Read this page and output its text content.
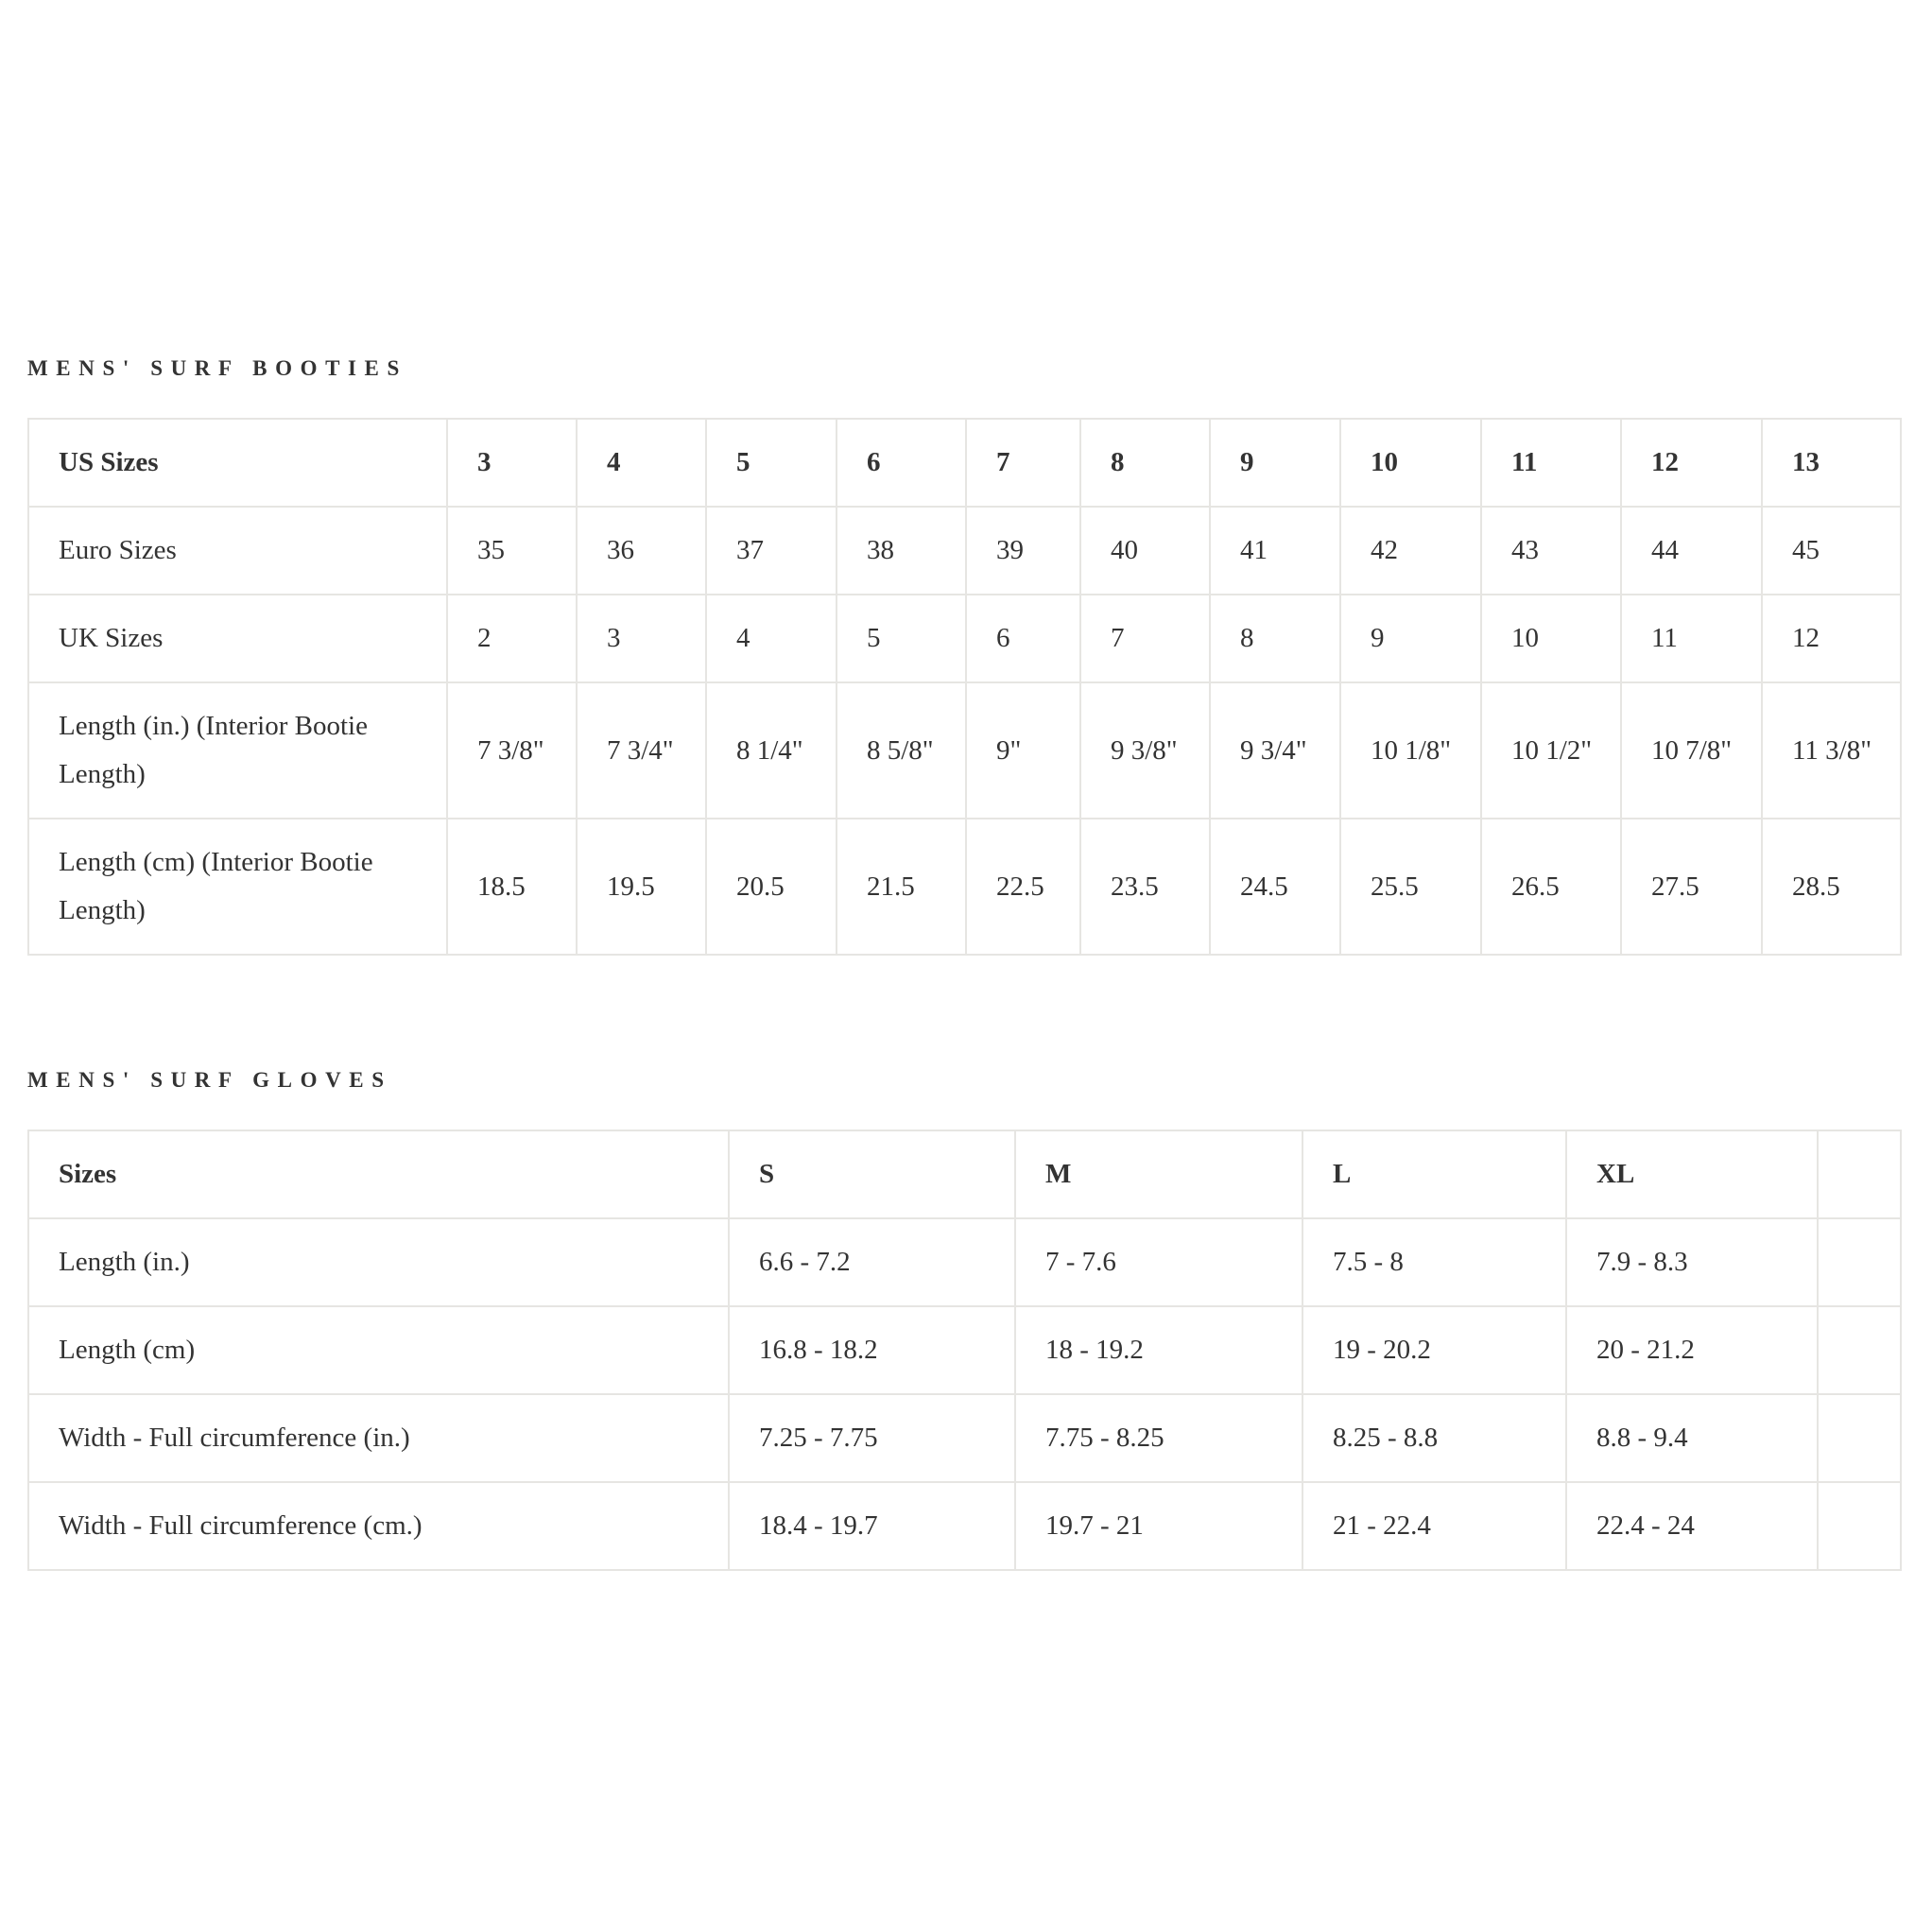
MENS' SURF BOOTIES
US Sizes	3	4	5	6	7	8	9	10	11	12	13
Euro Sizes	35	36	37	38	39	40	41	42	43	44	45
UK Sizes	2	3	4	5	6	7	8	9	10	11	12
Length (in.) (Interior Bootie Length)	7 3/8"	7 3/4"	8 1/4"	8 5/8"	9"	9 3/8"	9 3/4"	10 1/8"	10 1/2"	10 7/8"	11 3/8"
Length (cm) (Interior Bootie Length)	18.5	19.5	20.5	21.5	22.5	23.5	24.5	25.5	26.5	27.5	28.5
MENS' SURF GLOVES
Sizes	S	M	L	XL	
Length (in.)	6.6 - 7.2	7 - 7.6	7.5 - 8	7.9 - 8.3	
Length (cm)	16.8 - 18.2	18 - 19.2	19 - 20.2	20 - 21.2	
Width - Full circumference (in.)	7.25 - 7.75	7.75 - 8.25	8.25 - 8.8	8.8 - 9.4	
Width - Full circumference (cm.)	18.4 - 19.7	19.7 - 21	21 - 22.4	22.4 - 24	
